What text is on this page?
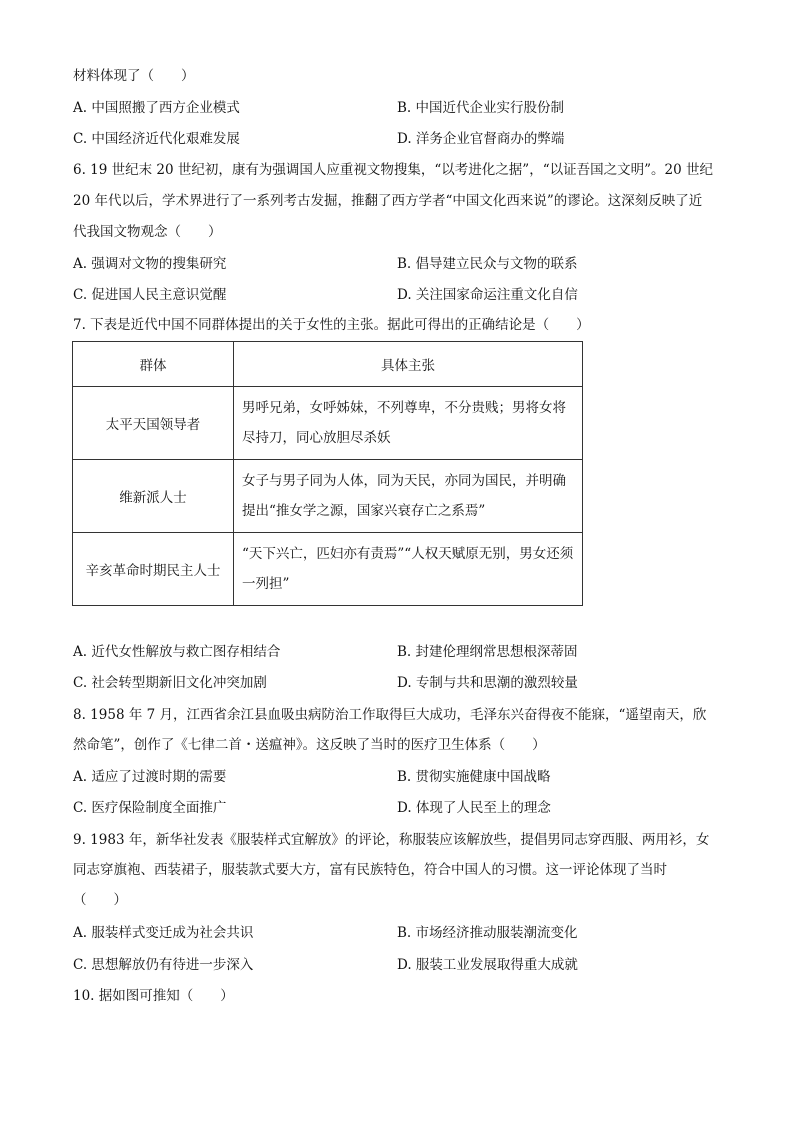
材料体现了（　　）
A. 中国照搬了西方企业模式	B. 中国近代企业实行股份制
C. 中国经济近代化艰难发展	D. 洋务企业官督商办的弊端
6. 19 世纪末 20 世纪初，康有为强调国人应重视文物搜集，“以考进化之据”，“以证吾国之文明”。20 世纪
20 年代以后，学术界进行了一系列考古发掘，推翻了西方学者“中国文化西来说”的谬论。这深刻反映了近
代我国文物观念（　　）
A. 强调对文物的搜集研究	B. 倡导建立民众与文物的联系
C. 促进国人民主意识觉醒	D. 关注国家命运注重文化自信
7. 下表是近代中国不同群体提出的关于女性的主张。据此可得出的正确结论是（　　）
群体	具体主张
太平天国领导者	男呼兄弟，女呼姊妹，不列尊卑，不分贵贱；男将女将尽持刀，同心放胆尽杀妖
维新派人士	女子与男子同为人体，同为天民，亦同为国民，并明确提出“推女学之源，国家兴衰存亡之系焉”
辛亥革命时期民主人士	“天下兴亡，匹妇亦有责焉”“人权天赋原无别，男女还须一列担”
A. 近代女性解放与救亡图存相结合	B. 封建伦理纲常思想根深蒂固
C. 社会转型期新旧文化冲突加剧	D. 专制与共和思潮的激烈较量
8. 1958 年 7 月，江西省余江县血吸虫病防治工作取得巨大成功，毛泽东兴奋得夜不能寐，“遥望南天，欣
然命笔”，创作了《七律二首・送瘟神》。这反映了当时的医疗卫生体系（　　）
A. 适应了过渡时期的需要	B. 贯彻实施健康中国战略
C. 医疗保险制度全面推广	D. 体现了人民至上的理念
9. 1983 年，新华社发表《服装样式宜解放》的评论，称服装应该解放些，提倡男同志穿西服、两用衫，女
同志穿旗袍、西装裙子，服装款式要大方，富有民族特色，符合中国人的习惯。这一评论体现了当时
（　　）
A. 服装样式变迁成为社会共识	B. 市场经济推动服装潮流变化
C. 思想解放仍有待进一步深入	D. 服装工业发展取得重大成就
10. 据如图可推知（　　）
